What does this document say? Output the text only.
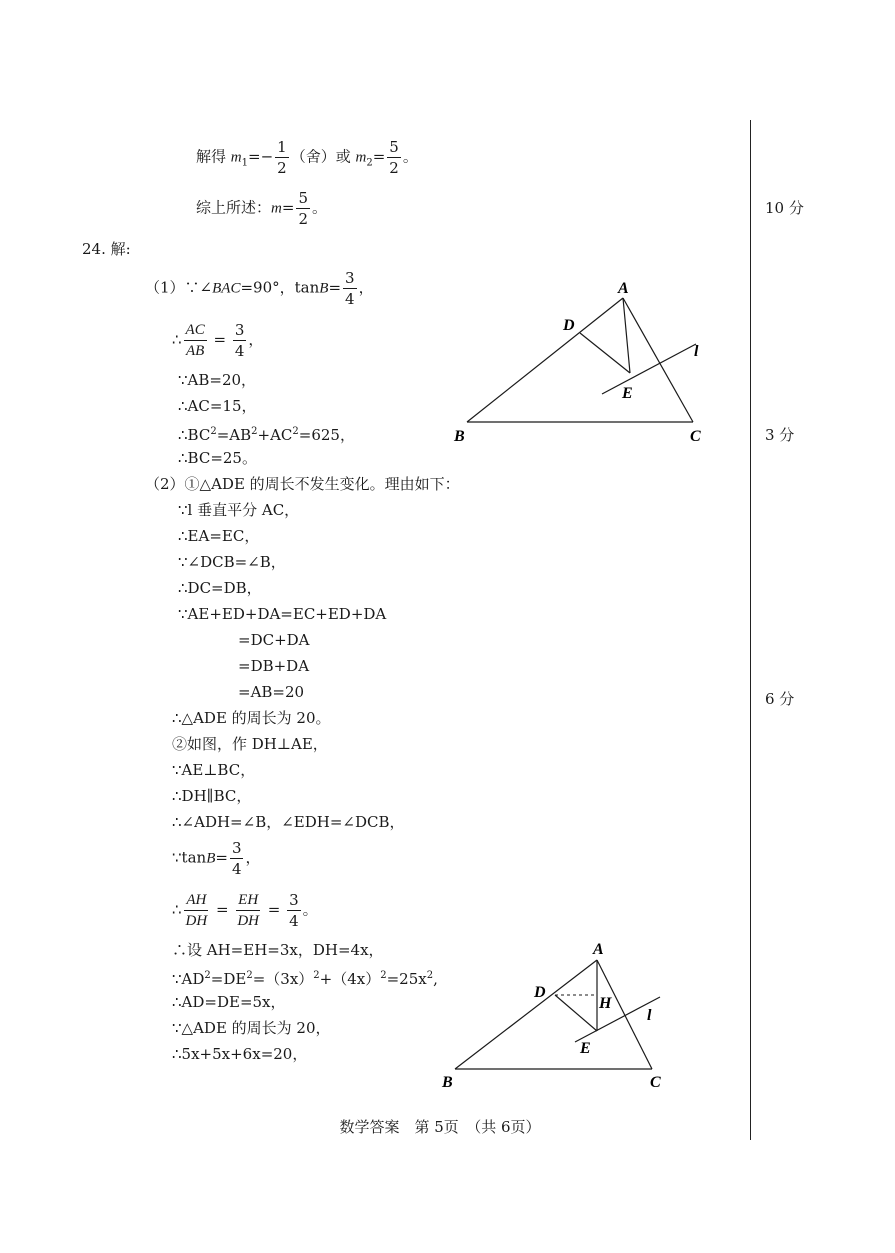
10 分
3 分
6 分
解得 $m_1=- \frac{1}{2}$ （舍）或 $m_2= \frac{5}{2}$ 。
综上所述：$m= \frac{5}{2}$ 。
24. 解:
（1）∵∠BAC=90°，$\tan B= \frac{3}{4}$ ，
∴ $\frac{AC}{AB} = \frac{3}{4}$ ，
∵AB=20，
∴AC=15，
$\therefore BC^2=AB^2+AC^2=625$，
∴BC=25。
（2）①△ADE 的周长不发生变化。理由如下：
∵l 垂直平分 AC，
∴EA=EC，
∵∠DCB=∠B，
∴DC=DB，
∵AE+ED+DA=EC+ED+DA
=DC+DA
=DB+DA
=AB=20
∴△ADE 的周长为 20。
②如图，作 DH⊥AE，
∵AE⊥BC，
∴DH∥BC，
∴∠ADH=∠B，∠EDH=∠DCB，
∵tanB= $\frac{3}{4}$ ，
∴ $\frac{AH}{DH} = \frac{EH}{DH} = \frac{3}{4}$ 。
∴设 AH=EH=3x，DH=4x，
$\because AD^2=DE^2=(3x)^2+(4x)^2=25x^2$,
∴AD=DE=5x，
∵△ADE 的周长为 20，
∴5x+5x+6x=20，
A
B	C
D
E
l
A
B	C
D
E
H
l
数学答案　第 5页　（共 6页）
